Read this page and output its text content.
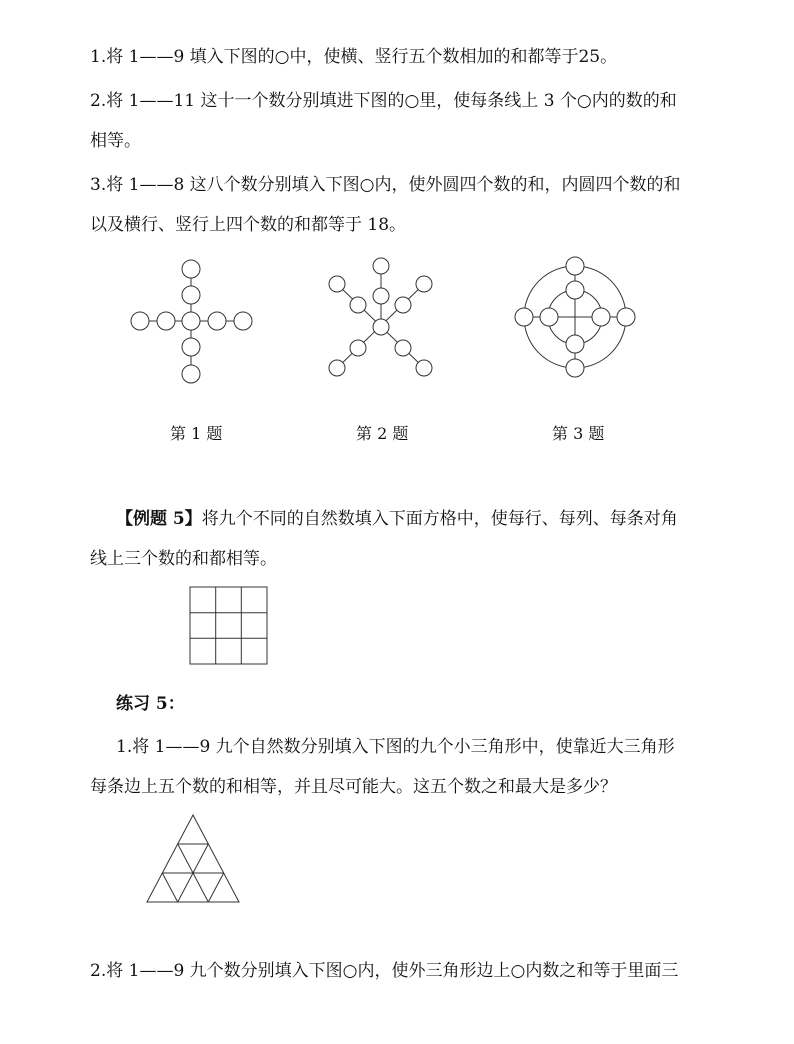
1.将 1——9 填入下图的○中，使横、竖行五个数相加的和都等于25。
2.将 1——11 这十一个数分别填进下图的○里，使每条线上 3 个○内的数的和
相等。
3.将 1——8 这八个数分别填入下图○内，使外圆四个数的和，内圆四个数的和
以及横行、竖行上四个数的和都等于 18。
第 1 题	第 2 题	第 3 题
【例题 5】将九个不同的自然数填入下面方格中，使每行、每列、每条对角
线上三个数的和都相等。
练习 5：
1.将 1——9 九个自然数分别填入下图的九个小三角形中，使靠近大三角形
每条边上五个数的和相等，并且尽可能大。这五个数之和最大是多少？
2.将 1——9 九个数分别填入下图○内，使外三角形边上○内数之和等于里面三
